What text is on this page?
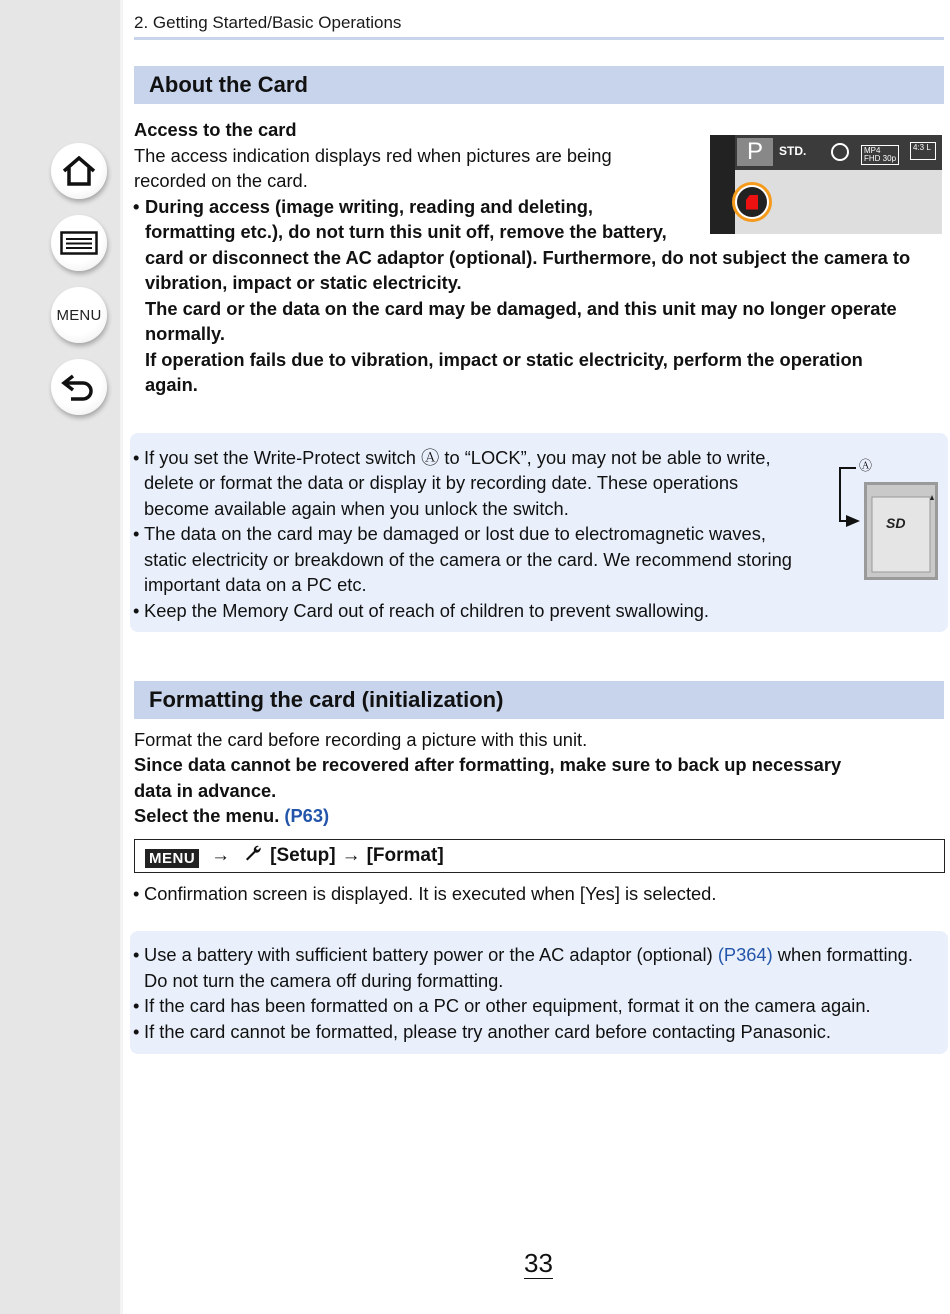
MENU
2. Getting Started/Basic Operations
About the Card
Access to the card
The access indication displays red when pictures are being
recorded on the card.
• During access (image writing, reading and deleting,
formatting etc.), do not turn this unit off, remove the battery,
card or disconnect the AC adaptor (optional). Furthermore, do not subject the camera to
vibration, impact or static electricity.
The card or the data on the card may be damaged, and this unit may no longer operate
normally.
If operation fails due to vibration, impact or static electricity, perform the operation
again.
P	STD.	MP4
FHD 30p
4:3 L
• If you set the Write-Protect switch Ⓐ to “LOCK”, you may not be able to write,
delete or format the data or display it by recording date. These operations
become available again when you unlock the switch.
• The data on the card may be damaged or lost due to electromagnetic waves,
static electricity or breakdown of the camera or the card. We recommend storing
important data on a PC etc.
• Keep the Memory Card out of reach of children to prevent swallowing.
Ⓐ
SD
Formatting the card (initialization)
Format the card before recording a picture with this unit.
Since data cannot be recovered after formatting, make sure to back up necessary
data in advance.
Select the menu. (P63)
MENU → [Setup] → [Format]
• Confirmation screen is displayed. It is executed when [Yes] is selected.
• Use a battery with sufficient battery power or the AC adaptor (optional) (P364) when formatting.
Do not turn the camera off during formatting.
• If the card has been formatted on a PC or other equipment, format it on the camera again.
• If the card cannot be formatted, please try another card before contacting Panasonic.
33
